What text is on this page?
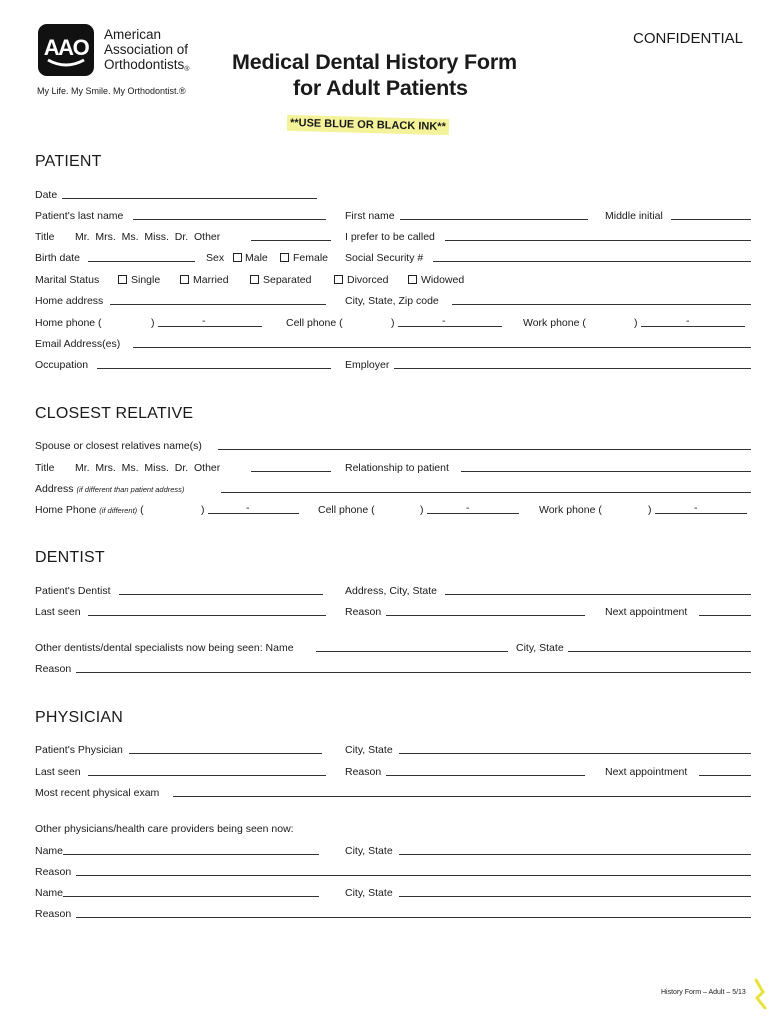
AAO
American
Association of
Orthodontists®
My Life. My Smile. My Orthodontist.®
Medical Dental History Form
for Adult Patients
**USE BLUE OR BLACK INK**
CONFIDENTIAL
PATIENT
Date
Patient's last name	First name	Middle initial
Title Mr.  Mrs.  Ms.  Miss.  Dr.  Other	I prefer to be called
Birth date	Sex Male Female Social Security #
Marital Status	Single	Married	Separated	Divorced	Widowed
Home address	City, State, Zip code
Home phone (	)	-	Cell phone (	)	-	Work phone (	)	-
Email Address(es)
Occupation	Employer
CLOSEST RELATIVE
Spouse or closest relatives name(s)
Title Mr.  Mrs.  Ms.  Miss.  Dr.  Other	Relationship to patient
Address (if different than patient address)
Home Phone (if different) (	)	-	Cell phone (	)	-	Work phone (	)	-
DENTIST
Patient's Dentist	Address, City, State
Last seen	Reason	Next appointment
Other dentists/dental specialists now being seen: Name	City, State
Reason
PHYSICIAN
Patient's Physician	City, State
Last seen	Reason	Next appointment
Most recent physical exam
Other physicians/health care providers being seen now:
Name	City, State
Reason
Name	City, State
Reason
History Form – Adult – 5/13
